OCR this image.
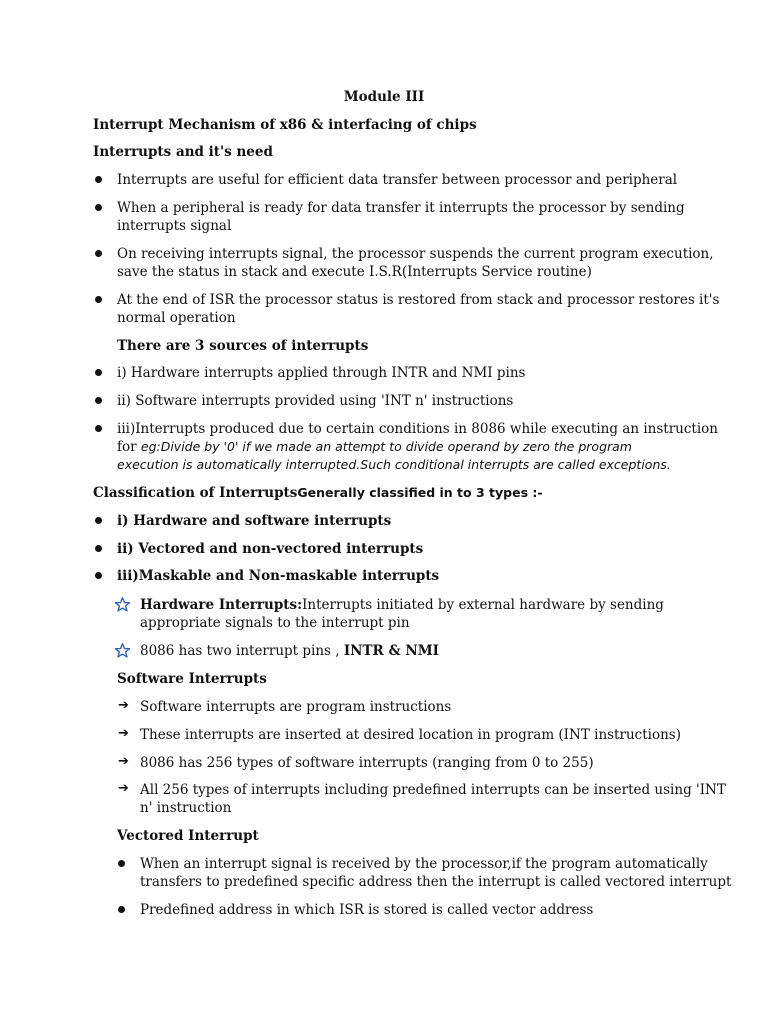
Module III
Interrupt Mechanism of x86 & interfacing of chips
Interrupts and it's need
Interrupts are useful for efficient data transfer between processor and peripheral
When a peripheral is ready for data transfer it interrupts the processor by sending
interrupts signal
On receiving interrupts signal, the processor suspends the current program execution,
save the status in stack and execute I.S.R(Interrupts Service routine)
At the end of ISR the processor status is restored from stack and processor restores it's
normal operation
There are 3 sources of interrupts
i) Hardware interrupts applied through INTR and NMI pins
ii) Software interrupts provided using 'INT n' instructions
iii)Interrupts produced due to certain conditions in 8086 while executing an instruction
for eg:Divide by '0' if we made an attempt to divide operand by zero the program
execution is automatically interrupted.Such conditional interrupts are called exceptions.
Classification of InterruptsGenerally classified in to 3 types :-
i) Hardware and software interrupts
ii) Vectored and non-vectored interrupts
iii)Maskable and Non-maskable interrupts
Hardware Interrupts:Interrupts initiated by external hardware by sending
appropriate signals to the interrupt pin
8086 has two interrupt pins , INTR & NMI
Software Interrupts
➔ Software interrupts are program instructions
➔ These interrupts are inserted at desired location in program (INT instructions)
➔ 8086 has 256 types of software interrupts (ranging from 0 to 255)
➔ All 256 types of interrupts including predefined interrupts can be inserted using 'INT
n' instruction
Vectored Interrupt
When an interrupt signal is received by the processor,if the program automatically
transfers to predefined specific address then the interrupt is called vectored interrupt
Predefined address in which ISR is stored is called vector address
